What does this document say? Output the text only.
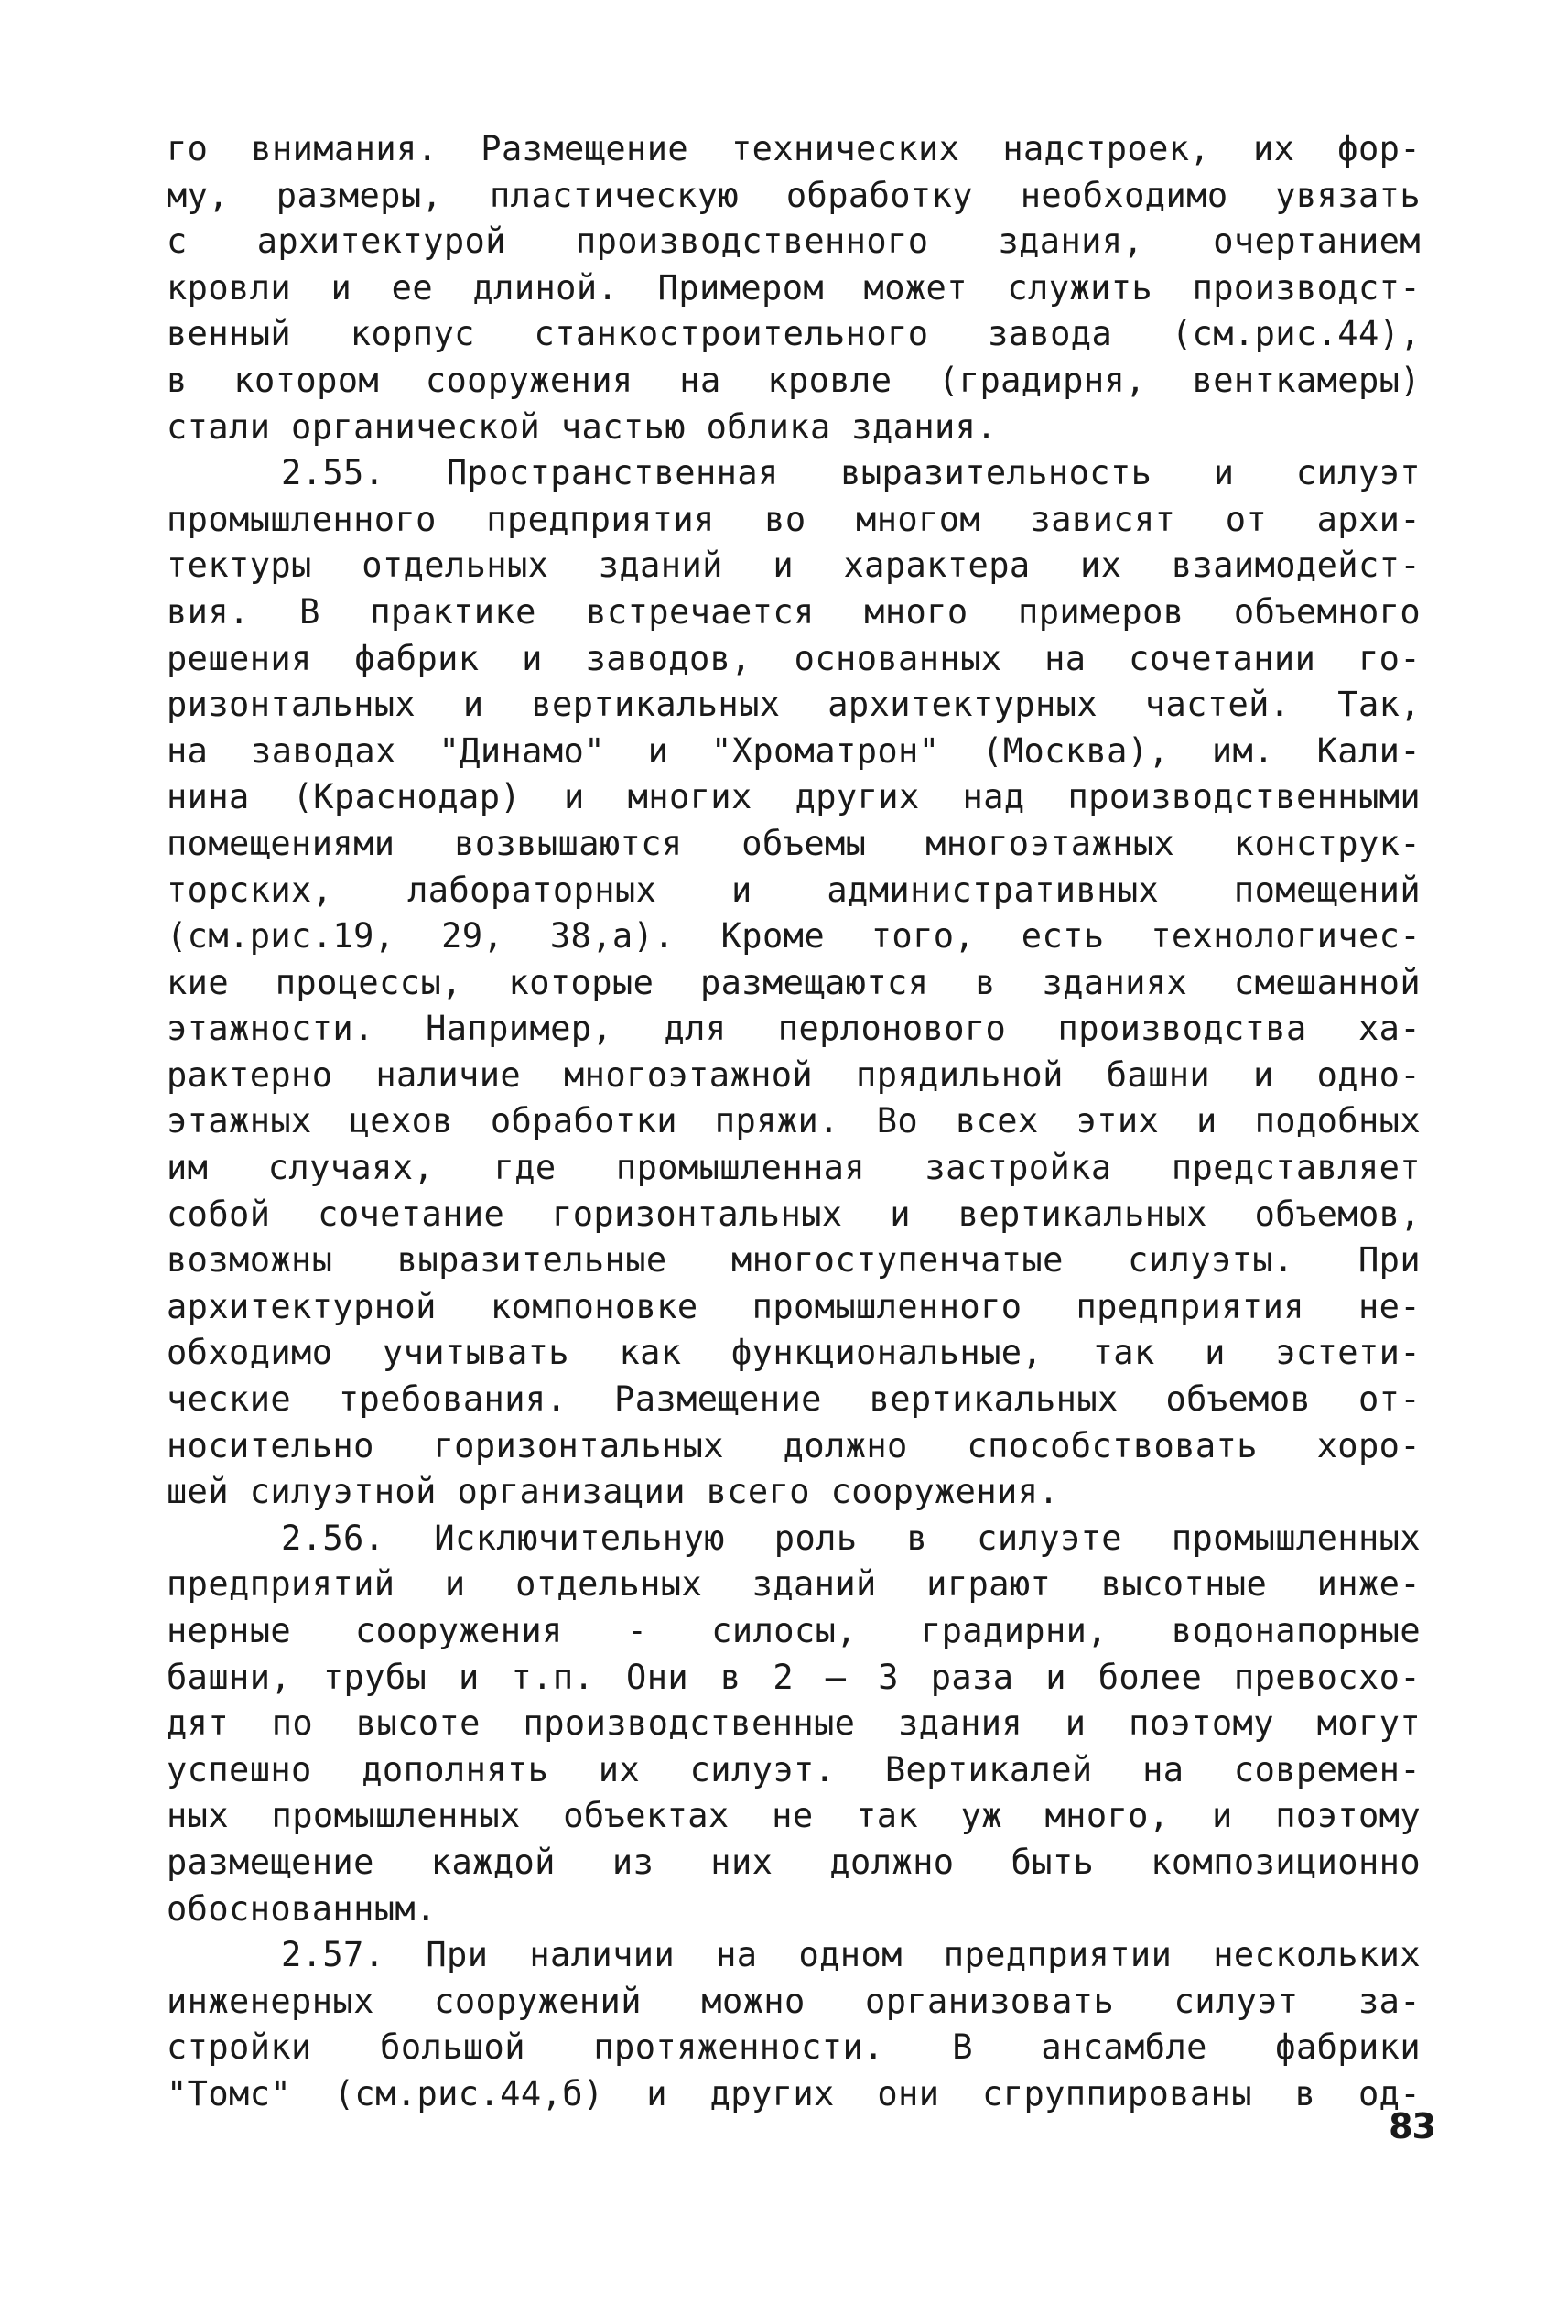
го внимания. Размещение технических надстроек, их фор-
му, размеры, пластическую обработку необходимо увязать
с архитектурой производственного здания, очертанием
кровли и ее длиной. Примером может служить производст-
венный корпус станкостроительного завода (см.рис.44),
в котором сооружения на кровле (градирня, венткамеры)
стали органической частью облика здания.
2.55. Пространственная выразительность и силуэт
промышленного предприятия во многом зависят от архи-
тектуры отдельных зданий и характера их взаимодейст-
вия. В практике встречается много примеров объемного
решения фабрик и заводов, основанных на сочетании го-
ризонтальных и вертикальных архитектурных частей. Так,
на заводах "Динамо" и "Хроматрон" (Москва), им. Кали-
нина (Краснодар) и многих других над производственными
помещениями возвышаются объемы многоэтажных конструк-
торских, лабораторных и административных помещений
(см.рис.19, 29, 38,а). Кроме того, есть технологичес-
кие процессы, которые размещаются в зданиях смешанной
этажности. Например, для перлонового производства ха-
рактерно наличие многоэтажной прядильной башни и одно-
этажных цехов обработки пряжи. Во всех этих и подобных
им случаях, где промышленная застройка представляет
собой сочетание горизонтальных и вертикальных объемов,
возможны выразительные многоступенчатые силуэты. При
архитектурной компоновке промышленного предприятия не-
обходимо учитывать как функциональные, так и эстети-
ческие требования. Размещение вертикальных объемов от-
носительно горизонтальных должно способствовать хоро-
шей силуэтной организации всего сооружения.
2.56. Исключительную роль в силуэте промышленных
предприятий и отдельных зданий играют высотные инже-
нерные сооружения - силосы, градирни, водонапорные
башни, трубы и т.п. Они в 2 – 3 раза и более превосхо-
дят по высоте производственные здания и поэтому могут
успешно дополнять их силуэт. Вертикалей на современ-
ных промышленных объектах не так уж много, и поэтому
размещение каждой из них должно быть композиционно
обоснованным.
2.57. При наличии на одном предприятии нескольких
инженерных сооружений можно организовать силуэт за-
стройки большой протяженности. В ансамбле фабрики
"Томс" (см.рис.44,б) и других они сгруппированы в од-
83
